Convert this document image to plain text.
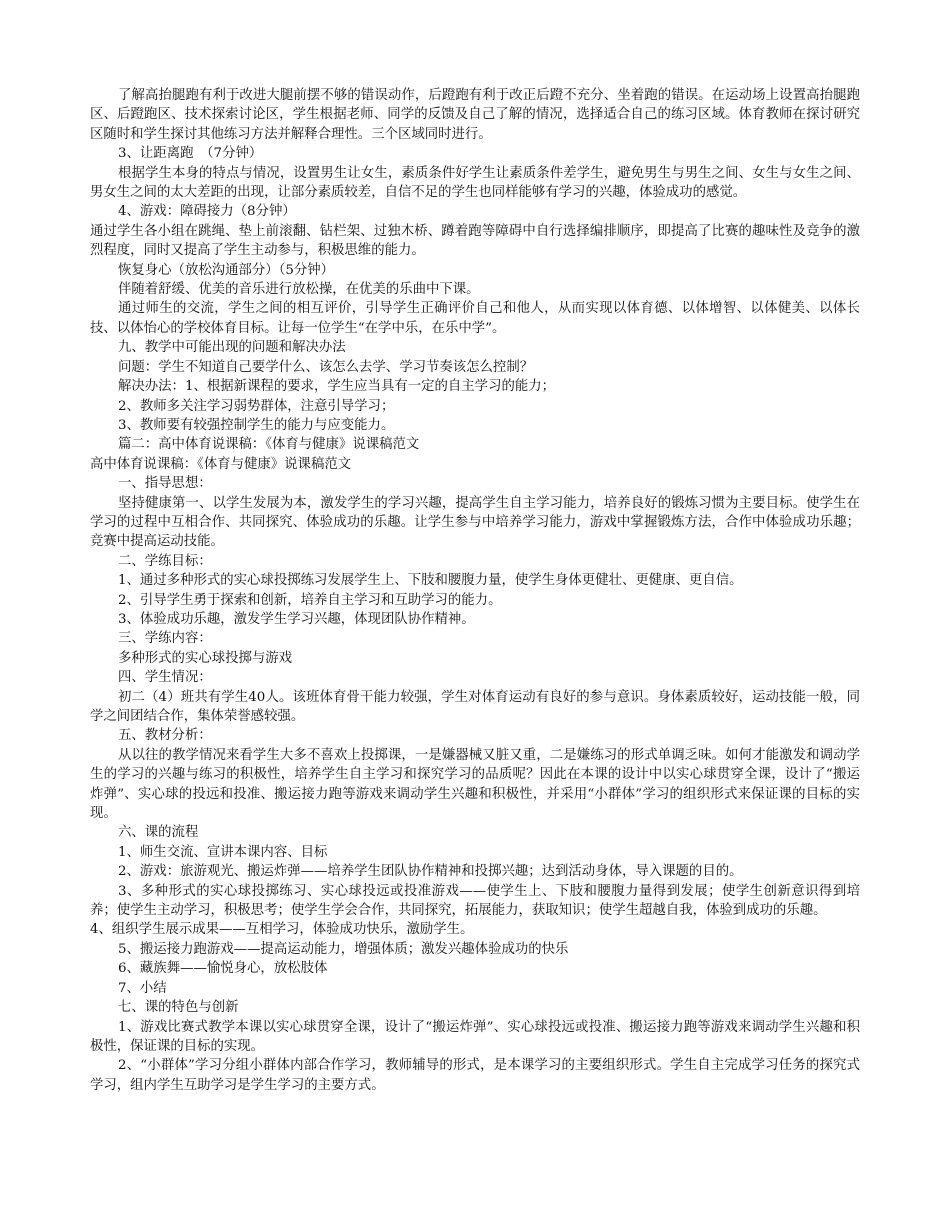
了解高抬腿跑有利于改进大腿前摆不够的错误动作，后蹬跑有利于改正后蹬不充分、坐着跑的错误。在运动场上设置高抬腿跑区、后蹬跑区、技术探索讨论区，学生根据老师、同学的反馈及自己了解的情况，选择适合自己的练习区域。体育教师在探讨研究区随时和学生探讨其他练习方法并解释合理性。三个区域同时进行。

3、让距离跑　（7分钟）

根据学生本身的特点与情况，设置男生让女生，素质条件好学生让素质条件差学生，避免男生与男生之间、女生与女生之间、男女生之间的太大差距的出现，让部分素质较差，自信不足的学生也同样能够有学习的兴趣，体验成功的感觉。

4、游戏：障碍接力（8分钟）

通过学生各小组在跳绳、垫上前滚翻、钻栏架、过独木桥、蹲着跑等障碍中自行选择编排顺序，即提高了比赛的趣味性及竞争的激烈程度，同时又提高了学生主动参与，积极思维的能力。

恢复身心（放松沟通部分）（5分钟）

伴随着舒缓、优美的音乐进行放松操，在优美的乐曲中下课。

通过师生的交流，学生之间的相互评价，引导学生正确评价自己和他人，从而实现以体育德、以体增智、以体健美、以体长技、以体怡心的学校体育目标。让每一位学生“在学中乐，在乐中学”。

九、教学中可能出现的问题和解决办法

问题：学生不知道自己要学什么、该怎么去学、学习节奏该怎么控制？

解决办法：1、根据新课程的要求，学生应当具有一定的自主学习的能力；

2、教师多关注学习弱势群体，注意引导学习；

3、教师要有较强控制学生的能力与应变能力。

篇二：高中体育说课稿：《体育与健康》说课稿范文

高中体育说课稿：《体育与健康》说课稿范文

一、指导思想：

坚持健康第一、以学生发展为本，激发学生的学习兴趣，提高学生自主学习能力，培养良好的锻炼习惯为主要目标。使学生在学习的过程中互相合作、共同探究、体验成功的乐趣。让学生参与中培养学习能力，游戏中掌握锻炼方法，合作中体验成功乐趣；竞赛中提高运动技能。

二、学练目标：

1、通过多种形式的实心球投掷练习发展学生上、下肢和腰腹力量，使学生身体更健壮、更健康、更自信。

2、引导学生勇于探索和创新，培养自主学习和互助学习的能力。

3、体验成功乐趣，激发学生学习兴趣，体现团队协作精神。

三、学练内容：

多种形式的实心球投掷与游戏

四、学生情况：

初二（4）班共有学生40人。该班体育骨干能力较强，学生对体育运动有良好的参与意识。身体素质较好，运动技能一般，同学之间团结合作，集体荣誉感较强。

五、教材分析：

从以往的教学情况来看学生大多不喜欢上投掷课，一是嫌器械又脏又重，二是嫌练习的形式单调乏味。如何才能激发和调动学生的学习的兴趣与练习的积极性，培养学生自主学习和探究学习的品质呢？因此在本课的设计中以实心球贯穿全课，设计了“搬运炸弹”、实心球的投远和投准、搬运接力跑等游戏来调动学生兴趣和积极性，并采用“小群体”学习的组织形式来保证课的目标的实现。

六、课的流程

1、师生交流、宣讲本课内容、目标

2、游戏：旅游观光、搬运炸弹——培养学生团队协作精神和投掷兴趣；达到活动身体，导入课题的目的。

3、多种形式的实心球投掷练习、实心球投远或投准游戏——使学生上、下肢和腰腹力量得到发展；使学生创新意识得到培养；使学生主动学习，积极思考；使学生学会合作，共同探究，拓展能力，获取知识；使学生超越自我，体验到成功的乐趣。

4、组织学生展示成果——互相学习，体验成功快乐，激励学生。

5、搬运接力跑游戏——提高运动能力，增强体质；激发兴趣体验成功的快乐

6、藏族舞——愉悦身心，放松肢体

7、小结

七、课的特色与创新

1、游戏比赛式教学本课以实心球贯穿全课，设计了“搬运炸弹”、实心球投远或投准、搬运接力跑等游戏来调动学生兴趣和积极性，保证课的目标的实现。

2、“小群体”学习分组小群体内部合作学习，教师辅导的形式，是本课学习的主要组织形式。学生自主完成学习任务的探究式学习，组内学生互助学习是学生学习的主要方式。
